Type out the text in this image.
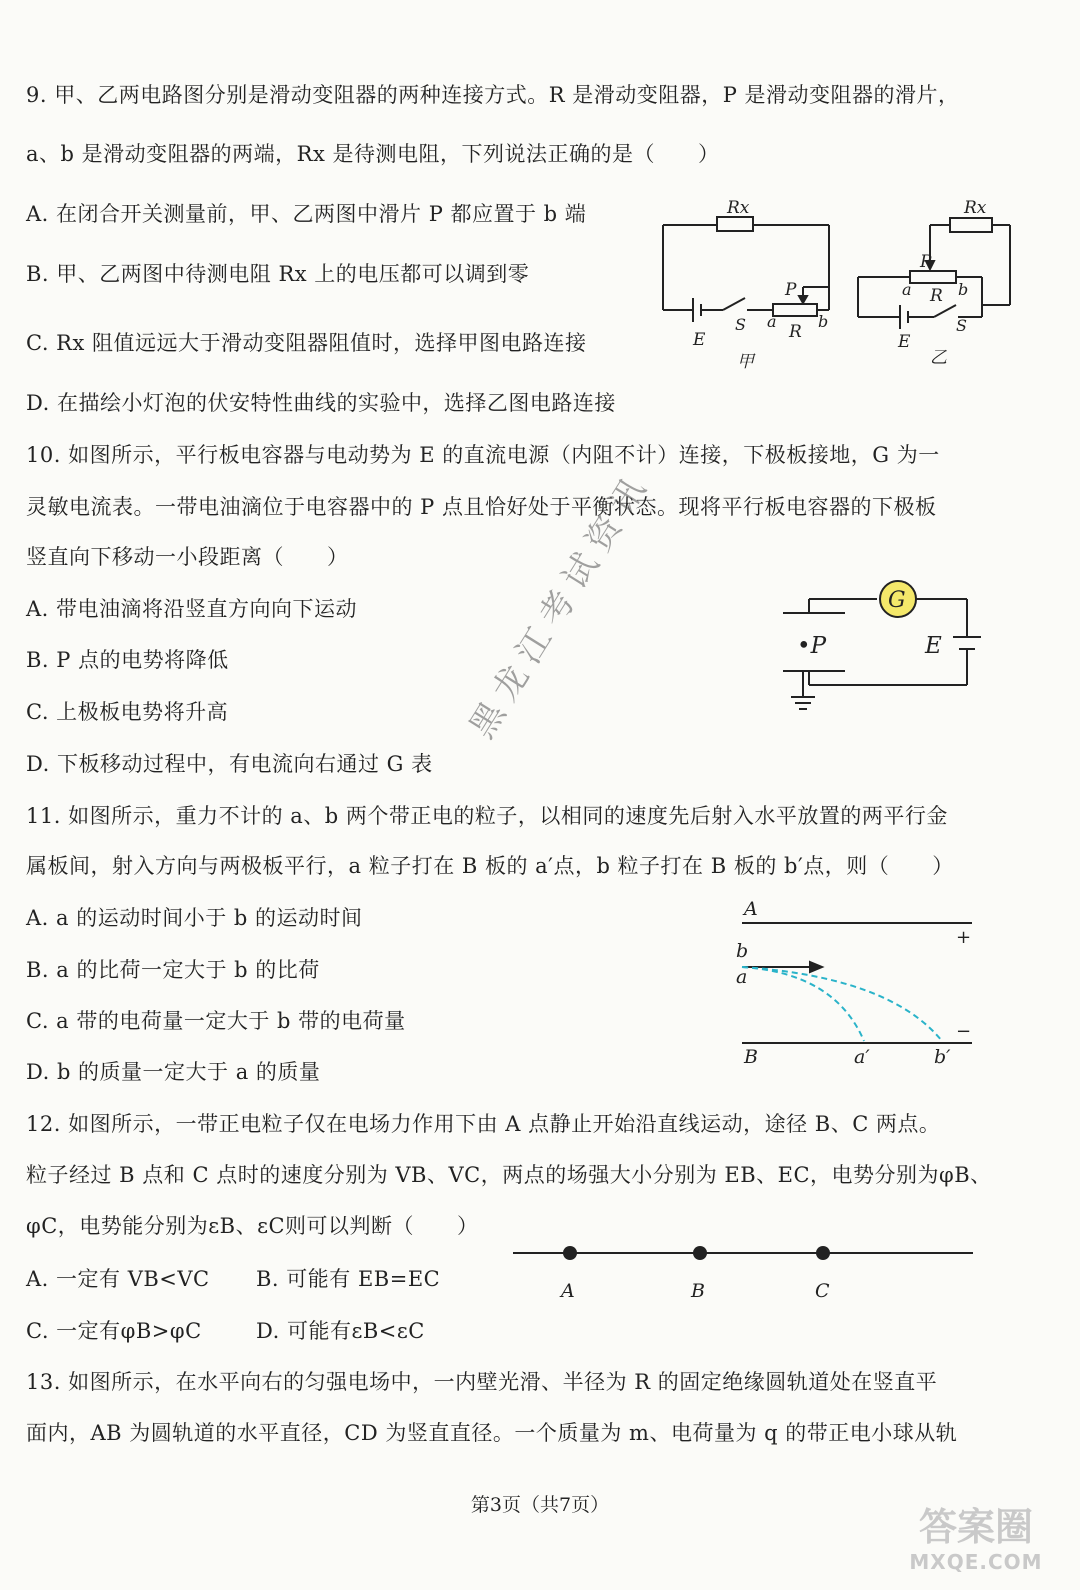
9. 甲、乙两电路图分别是滑动变阻器的两种连接方式。R 是滑动变阻器，P 是滑动变阻器的滑片，
a、b 是滑动变阻器的两端，Rx 是待测电阻，下列说法正确的是（　　）
A. 在闭合开关测量前，甲、乙两图中滑片 P 都应置于 b 端
B. 甲、乙两图中待测电阻 Rx 上的电压都可以调到零
C. Rx 阻值远远大于滑动变阻器阻值时，选择甲图电路连接
D. 在描绘小灯泡的伏安特性曲线的实验中，选择乙图电路连接
Rx
P
a
R
b
E
S
甲
Rx
P
a R b
E
S
乙
10. 如图所示，平行板电容器与电动势为 E 的直流电源（内阻不计）连接，下极板接地，G 为一
灵敏电流表。一带电油滴位于电容器中的 P 点且恰好处于平衡状态。现将平行板电容器的下极板
竖直向下移动一小段距离（　　）
A. 带电油滴将沿竖直方向向下运动
B. P 点的电势将降低
C. 上极板电势将升高
D. 下板移动过程中，有电流向右通过 G 表
G
•P	E
黑龙江考试资讯
11. 如图所示，重力不计的 a、b 两个带正电的粒子，以相同的速度先后射入水平放置的两平行金
属板间，射入方向与两极板平行，a 粒子打在 B 板的 a′点，b 粒子打在 B 板的 b′点，则（　　）
A. a 的运动时间小于 b 的运动时间
B. a 的比荷一定大于 b 的比荷
C. a 带的电荷量一定大于 b 带的电荷量
D. b 的质量一定大于 a 的质量
A
+
b
a
−
B	a′	b′
12. 如图所示，一带正电粒子仅在电场力作用下由 A 点静止开始沿直线运动，途径 B、C 两点。
粒子经过 B 点和 C 点时的速度分别为 VB、VC，两点的场强大小分别为 EB、EC，电势分别为φB、
φC，电势能分别为εB、εC则可以判断（　　）
A. 一定有 VB<VC B. 可能有 EB=EC
C. 一定有φB>φC	D. 可能有εB<εC
A	B	C
13. 如图所示，在水平向右的匀强电场中，一内壁光滑、半径为 R 的固定绝缘圆轨道处在竖直平
面内，AB 为圆轨道的水平直径，CD 为竖直直径。一个质量为 m、电荷量为 q 的带正电小球从轨
第3页（共7页）	答案圈
MXQE.COM
